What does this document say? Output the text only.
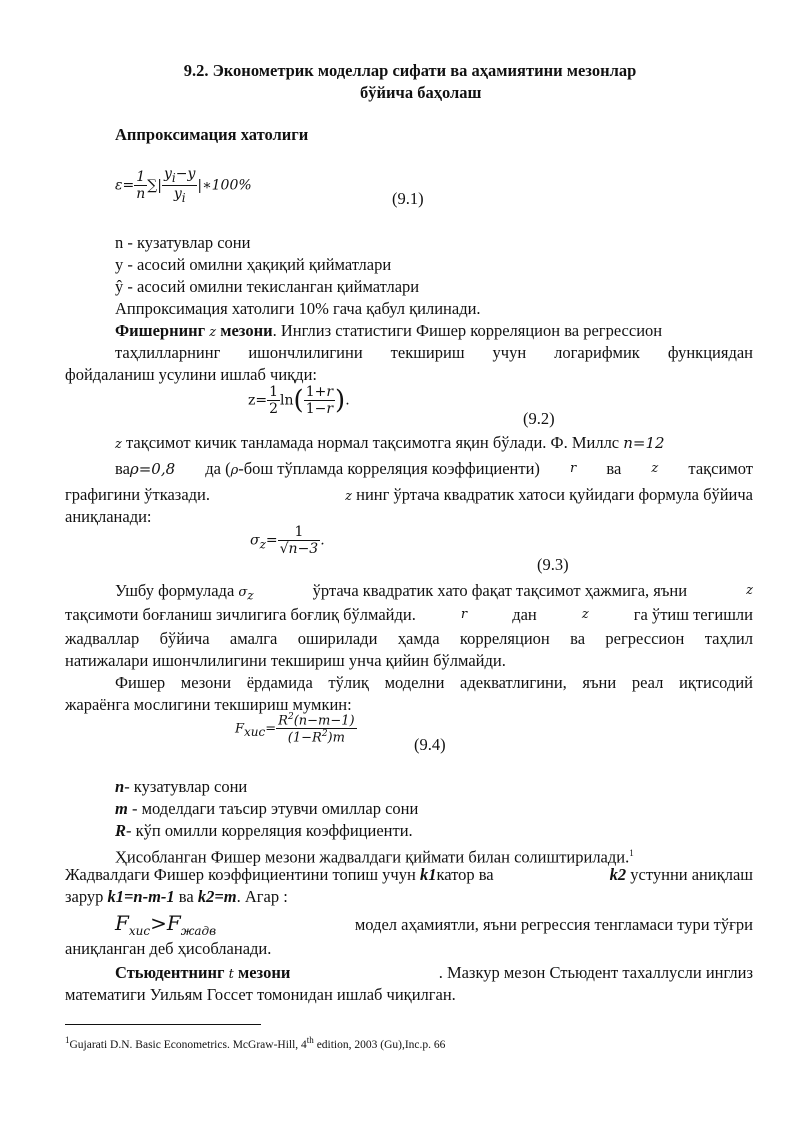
9.2. Эконометрик моделлар сифати ва аҳамиятини мезонлар
бўйича баҳолаш
Аппроксимация хатолиги
$\varepsilon= \frac{1}{n}$ ∑| $\frac{y_i-y}{y_i}$ |∗100%
(9.1)
n - кузатувлар сони
y - асосий омилни ҳақиқий қийматлари
ŷ - асосий омилни текисланган қийматлари
Аппроксимация хатолиги 10% гача қабул қилинади.
Фишернинг z мезони. Инглиз статистиги Фишер корреляцион ва регрессион
таҳлилларнинг ишончлилигини текшириш учун логарифмик функциядан
фойдаланиш усулини ишлаб чиқди:
$z= \frac{1}{2} \ln( \frac{1+r}{1-r}$ ).
(9.2)
z тақсимот кичик танламада нормал тақсимотга яқин бўлади. Ф. Миллс n=12
ваρ=0,8 да (ρ-бош тўпламда корреляция коэффициенти) r ва z тақсимот
графигини ўтказади.	z нинг ўртача квадратик хатоси қуйидаги формула бўйича
аниқланади:
$\sigma_z= \frac{1}{√n-3}$ .
(9.3)
Ушбу формулада $\sigma_z$	ўртача квадратик хато фақат тақсимот ҳажмига, яъни	z
тақсимоти боғланиш зичлигига боғлиқ бўлмайди.	r	дан	z	га ўтиш тегишли
жадваллар бўйича амалга оширилади ҳамда корреляцион ва регрессион таҳлил
натижалари ишончлилигини текшириш унча қийин бўлмайди.
Фишер мезони ёрдамида тўлиқ моделни адекватлигини, яъни реал иқтисодий
жараёнга мослигини текшириш мумкин:
$F_{хис}= \frac{R^2(n-m-1)}{(1-R^2)m}$	(9.4)
n- кузатувлар сони
m - моделдаги таъсир этувчи омиллар сони
R- кўп омилли корреляция коэффициенти.
Ҳисобланган Фишер мезони жадвалдаги қиймати билан солиштирилади.$^1$
Жадвалдаги Фишер коэффициентини топиш учун k1катор ва	k2 устунни аниқлаш
зарур k1=n-m-1 ва k2=m. Агар :
$F_{хис}>F_{жадв}$	модел аҳамиятли, яъни регрессия тенгламаси тури тўғри
аниқланган деб ҳисобланади.
Стьюдентнинг t мезони	. Мазкур мезон Стьюдент тахаллусли инглиз
математиги Уильям Госсет томонидан ишлаб чиқилган.
$^1$Gujarati D.N. Basic Econometrics. McGraw-Hill, 4th edition, 2003 (Gu),Inc.p. 66
